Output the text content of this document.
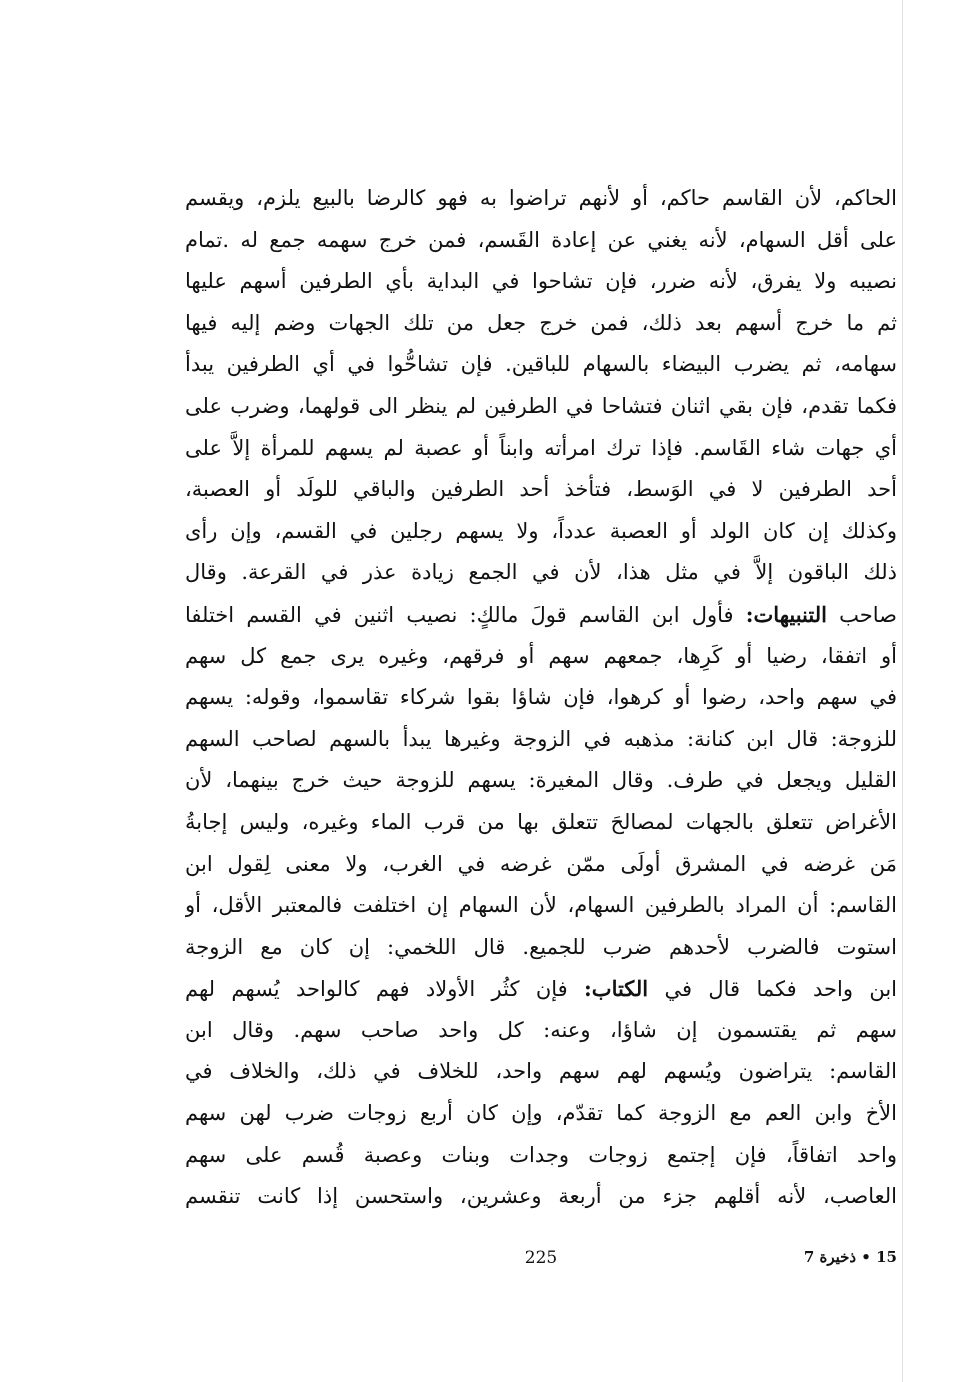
الحاكم، لأن القاسم حاكم، أو لأنهم تراضوا به فهو كالرضا بالبيع يلزم، ويقسم
على أقل السهام، لأنه يغني عن إعادة القَسم، فمن خرج سهمه جمع له .تمام
نصيبه ولا يفرق، لأنه ضرر، فإن تشاحوا في البداية بأي الطرفين أسهم عليها
ثم ما خرج أسهم بعد ذلك، فمن خرج جعل من تلك الجهات وضم إليه فيها
سهامه، ثم يضرب البيضاء بالسهام للباقين. فإن تشاحُّوا في أي الطرفين يبدأ
فكما تقدم، فإن بقي اثنان فتشاحا في الطرفين لم ينظر الى قولهما، وضرب على
أي جهات شاء القَاسم. فإذا ترك امرأته وابناً أو عصبة لم يسهم للمرأة إلاَّ على
أحد الطرفين لا في الوَسط، فتأخذ أحد الطرفين والباقي للولَد أو العصبة،
وكذلك إن كان الولد أو العصبة عدداً، ولا يسهم رجلين في القسم، وإن رأى
ذلك الباقون إلاَّ في مثل هذا، لأن في الجمع زيادة عذر في القرعة. وقال
صاحب التنبيهات: فأول ابن القاسم قولَ مالكٍ: نصيب اثنين في القسم اختلفا
أو اتفقا، رضيا أو كَرِها، جمعهم سهم أو فرقهم، وغيره يرى جمع كل سهم
في سهم واحد، رضوا أو كرهوا، فإن شاؤا بقوا شركاء تقاسموا، وقوله: يسهم
للزوجة: قال ابن كنانة: مذهبه في الزوجة وغيرها يبدأ بالسهم لصاحب السهم
القليل ويجعل في طرف. وقال المغيرة: يسهم للزوجة حيث خرج بينهما، لأن
الأغراض تتعلق بالجهات لمصالحَ تتعلق بها من قرب الماء وغيره، وليس إجابةُ
مَن غرضه في المشرق أولَى ممّن غرضه في الغرب، ولا معنى لِقول ابن
القاسم: أن المراد بالطرفين السهام، لأن السهام إن اختلفت فالمعتبر الأقل، أو
استوت فالضرب لأحدهم ضرب للجميع. قال اللخمي: إن كان مع الزوجة
ابن واحد فكما قال في الكتاب: فإن كثُر الأولاد فهم كالواحد يُسهم لهم
سهم ثم يقتسمون إن شاؤا، وعنه: كل واحد صاحب سهم. وقال ابن
القاسم: يتراضون ويُسهم لهم سهم واحد، للخلاف في ذلك، والخلاف في
الأخ وابن العم مع الزوجة كما تقدّم، وإن كان أربع زوجات ضرب لهن سهم
واحد اتفاقاً، فإن إجتمع زوجات وجدات وبنات وعصبة قُسم على سهم
العاصب، لأنه أقلهم جزء من أربعة وعشرين، واستحسن إذا كانت تنقسم
15 • ذخيرة 7
225
